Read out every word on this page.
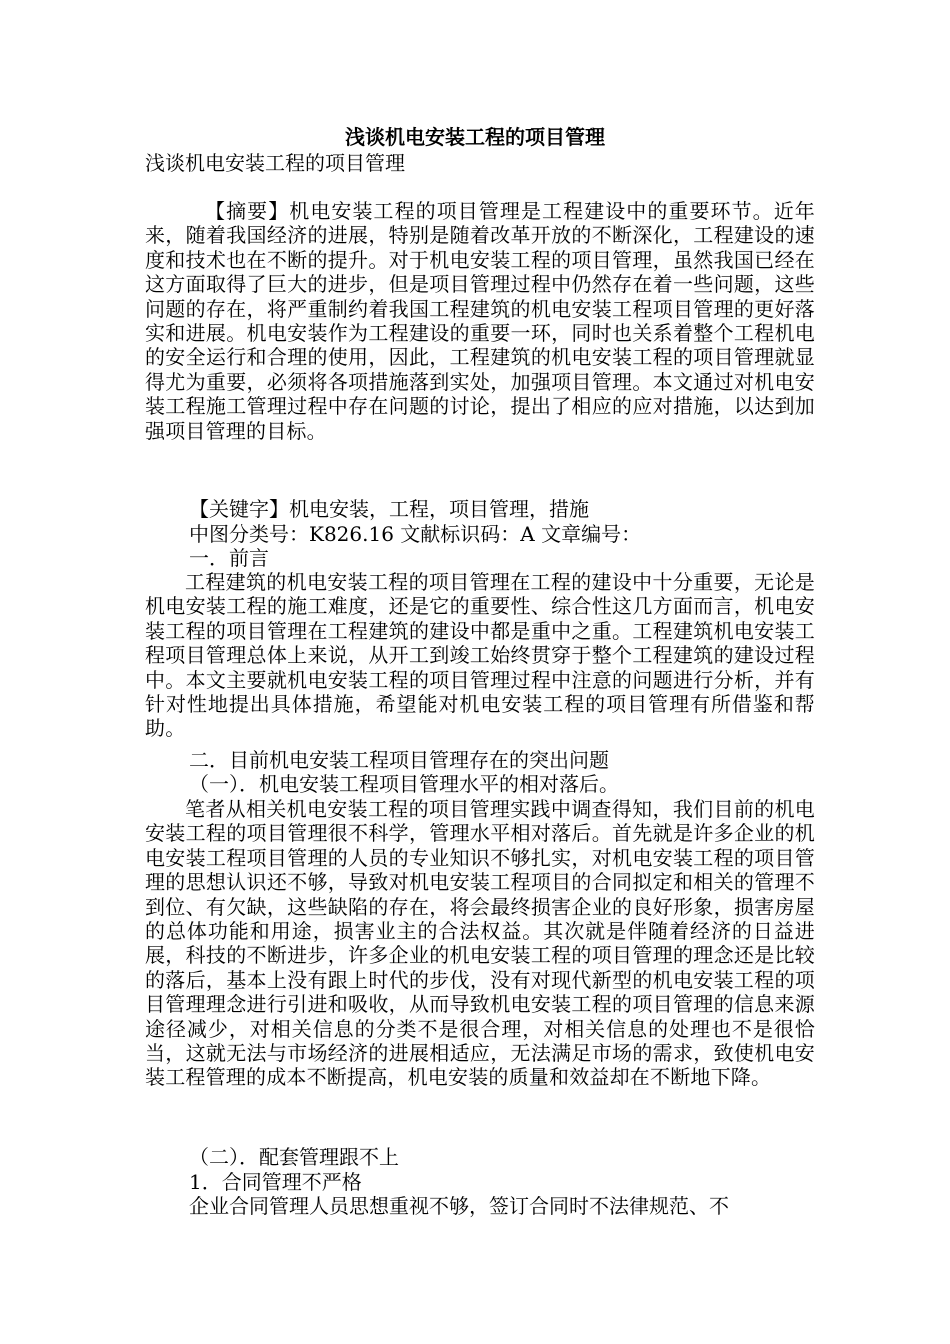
浅谈机电安装工程的项目管理

浅谈机电安装工程的项目管理

【摘要】机电安装工程的项目管理是工程建设中的重要环节。近年来，随着我国经济的进展，特别是随着改革开放的不断深化，工程建设的速度和技术也在不断的提升。对于机电安装工程的项目管理，虽然我国已经在这方面取得了巨大的进步，但是项目管理过程中仍然存在着一些问题，这些问题的存在，将严重制约着我国工程建筑的机电安装工程项目管理的更好落实和进展。机电安装作为工程建设的重要一环，同时也关系着整个工程机电的安全运行和合理的使用，因此，工程建筑的机电安装工程的项目管理就显得尤为重要，必须将各项措施落到实处，加强项目管理。本文通过对机电安装工程施工管理过程中存在问题的讨论，提出了相应的应对措施，以达到加强项目管理的目标。

【关键字】机电安装，工程，项目管理，措施

中图分类号：K826.16 文献标识码：A 文章编号：

一．前言

工程建筑的机电安装工程的项目管理在工程的建设中十分重要，无论是机电安装工程的施工难度，还是它的重要性、综合性这几方面而言，机电安装工程的项目管理在工程建筑的建设中都是重中之重。工程建筑机电安装工程项目管理总体上来说，从开工到竣工始终贯穿于整个工程建筑的建设过程中。本文主要就机电安装工程的项目管理过程中注意的问题进行分析，并有针对性地提出具体措施，希望能对机电安装工程的项目管理有所借鉴和帮助。

二．目前机电安装工程项目管理存在的突出问题

（一）．机电安装工程项目管理水平的相对落后。

笔者从相关机电安装工程的项目管理实践中调查得知，我们目前的机电安装工程的项目管理很不科学，管理水平相对落后。首先就是许多企业的机电安装工程项目管理的人员的专业知识不够扎实，对机电安装工程的项目管理的思想认识还不够，导致对机电安装工程项目的合同拟定和相关的管理不到位、有欠缺，这些缺陷的存在，将会最终损害企业的良好形象，损害房屋的总体功能和用途，损害业主的合法权益。其次就是伴随着经济的日益进展，科技的不断进步，许多企业的机电安装工程的项目管理的理念还是比较的落后，基本上没有跟上时代的步伐，没有对现代新型的机电安装工程的项目管理理念进行引进和吸收，从而导致机电安装工程的项目管理的信息来源途径减少，对相关信息的分类不是很合理，对相关信息的处理也不是很恰当，这就无法与市场经济的进展相适应，无法满足市场的需求，致使机电安装工程管理的成本不断提高，机电安装的质量和效益却在不断地下降。

（二）．配套管理跟不上

1．合同管理不严格

企业合同管理人员思想重视不够，签订合同时不法律规范、不
